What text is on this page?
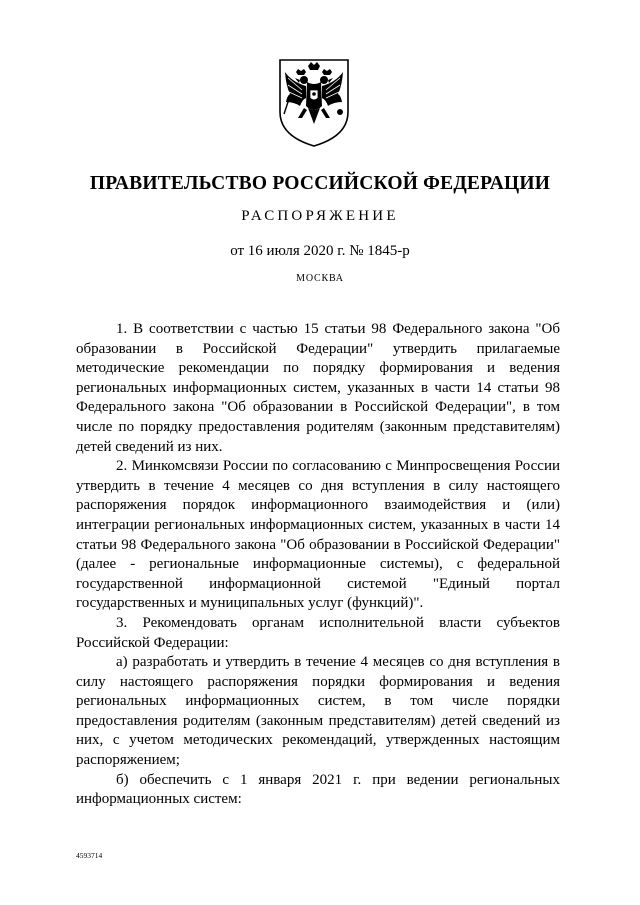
ПРАВИТЕЛЬСТВО РОССИЙСКОЙ ФЕДЕРАЦИИ
РАСПОРЯЖЕНИЕ
от 16 июля 2020 г. № 1845-р
МОСКВА

1. В соответствии с частью 15 статьи 98 Федерального закона "Об образовании в Российской Федерации" утвердить прилагаемые методические рекомендации по порядку формирования и ведения региональных информационных систем, указанных в части 14 статьи 98 Федерального закона "Об образовании в Российской Федерации", в том числе по порядку предоставления родителям (законным представителям) детей сведений из них.

2. Минкомсвязи России по согласованию с Минпросвещения России утвердить в течение 4 месяцев со дня вступления в силу настоящего распоряжения порядок информационного взаимодействия и (или) интеграции региональных информационных систем, указанных в части 14 статьи 98 Федерального закона "Об образовании в Российской Федерации" (далее - региональные информационные системы), с федеральной государственной информационной системой "Единый портал государственных и муниципальных услуг (функций)".

3. Рекомендовать органам исполнительной власти субъектов Российской Федерации:

а) разработать и утвердить в течение 4 месяцев со дня вступления в силу настоящего распоряжения порядки формирования и ведения региональных информационных систем, в том числе порядки предоставления родителям (законным представителям) детей сведений из них, с учетом методических рекомендаций, утвержденных настоящим распоряжением;

б) обеспечить с 1 января 2021 г. при ведении региональных информационных систем:

4593714
